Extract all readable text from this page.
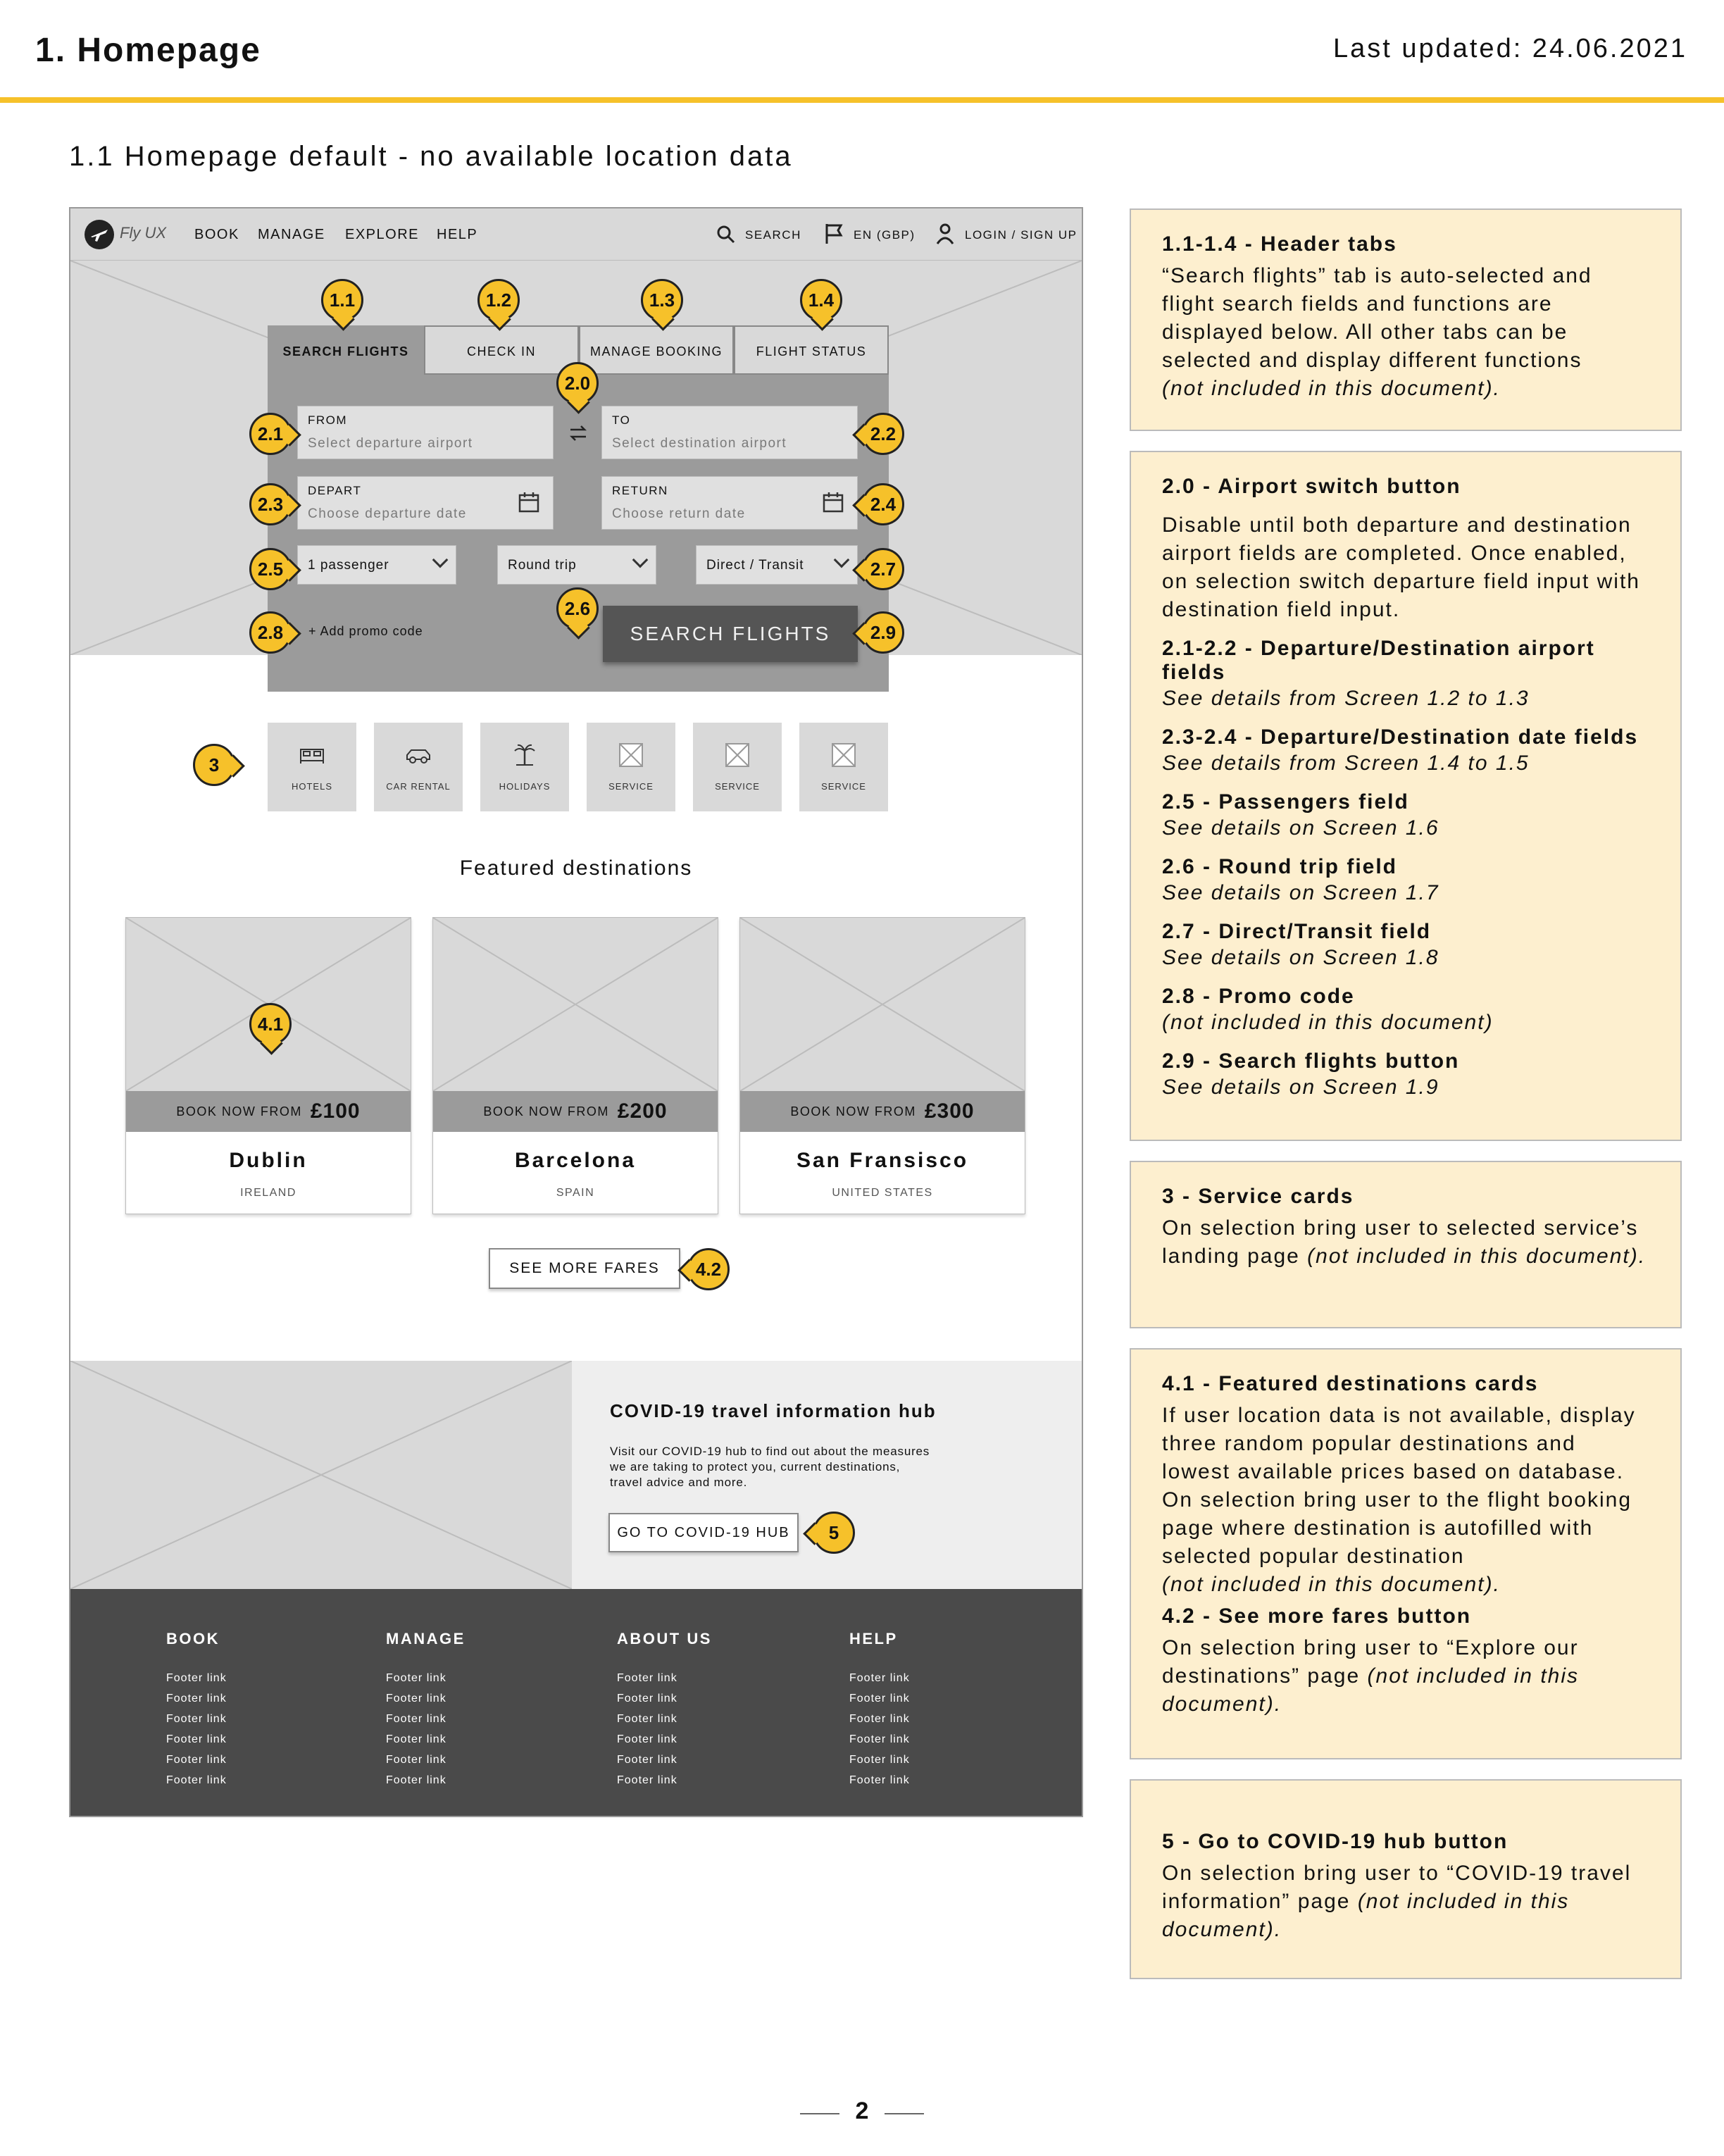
1. Homepage	Last updated: 24.06.2021
1.1 Homepage default - no available location data
Fly UX BOOK MANAGE EXPLORE HELP	SEARCH	EN (GBP)	LOGIN / SIGN UP
SEARCH FLIGHTS	CHECK IN	MANAGE BOOKING	FLIGHT STATUS
FROM
Select departure airport
TO
Select destination airport
DEPART
Choose departure date
RETURN
Choose return date
1 passenger	Round trip	Direct / Transit
+ Add promo code	SEARCH FLIGHTS
1.1	1.2	1.3	1.4
2.0
2.1	2.2
2.3	2.4
2.5
2.6
2.7
2.8	2.9
3
HOTELS	CAR RENTAL	HOLIDAYS	SERVICE	SERVICE	SERVICE
Featured destinations
BOOK NOW FROM £100
Dublin
IRELAND
BOOK NOW FROM £200
Barcelona
SPAIN
BOOK NOW FROM £300
San Fransisco
UNITED STATES
4.1
SEE MORE FARES	4.2
COVID-19 travel information hub
Visit our COVID-19 hub to find out about the measures we are taking to protect you, current destinations, travel advice and more.
GO TO COVID-19 HUB	5
BOOK
Footer link
Footer link
Footer link
Footer link
Footer link
Footer link
MANAGE
Footer link
Footer link
Footer link
Footer link
Footer link
Footer link
ABOUT US
Footer link
Footer link
Footer link
Footer link
Footer link
Footer link
HELP
Footer link
Footer link
Footer link
Footer link
Footer link
Footer link
1.1-1.4 - Header tabs

“Search flights” tab is auto-selected and flight search fields and functions are displayed below. All other tabs can be selected and display different functions

(not included in this document).

2.0 - Airport switch button

Disable until both departure and destination airport fields are completed. Once enabled, on selection switch departure field input with destination field input.

2.1-2.2 - Departure/Destination airport fields

See details from Screen 1.2 to 1.3

2.3-2.4 - Departure/Destination date fields

See details from Screen 1.4 to 1.5

2.5 - Passengers field

See details on Screen 1.6

2.6 - Round trip field

See details on Screen 1.7

2.7 - Direct/Transit field

See details on Screen 1.8

2.8 - Promo code

(not included in this document)

2.9 - Search flights button

See details on Screen 1.9

3 - Service cards

On selection bring user to selected service’s landing page (not included in this document).

4.1 - Featured destinations cards

If user location data is not available, display three random popular destinations and lowest available prices based on database. On selection bring user to the flight booking page where destination is autofilled with selected popular destination

(not included in this document).

4.2 - See more fares button

On selection bring user to “Explore our destinations” page (not included in this document).

5 - Go to COVID-19 hub button

On selection bring user to “COVID-19 travel information” page (not included in this document).

2
